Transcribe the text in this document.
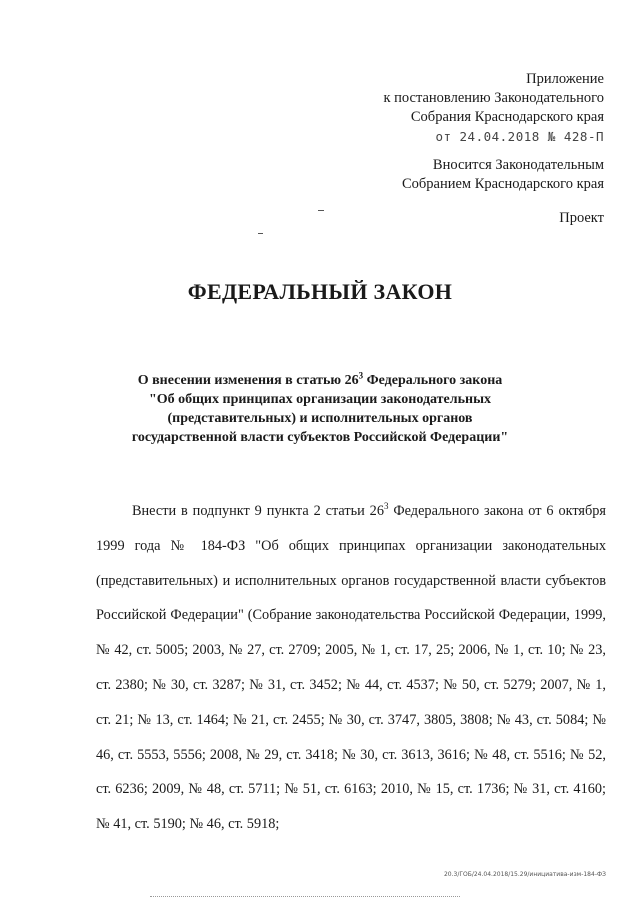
Приложение
к постановлению Законодательного
Собрания Краснодарского края
от 24.04.2018 № 428-П
Вносится Законодательным
Собранием Краснодарского края
Проект
ФЕДЕРАЛЬНЫЙ ЗАКОН
О внесении изменения в статью $26^3$ Федерального закона
"Об общих принципах организации законодательных
(представительных) и исполнительных органов
государственной власти субъектов Российской Федерации"

Внести в подпункт 9 пункта 2 статьи $26^3$ Федерального закона от 6 октября 1999 года № 184-ФЗ "Об общих принципах организации законодательных (представительных) и исполнительных органов государственной власти субъектов Российской Федерации" (Собрание законодательства Российской Федерации, 1999, № 42, ст. 5005; 2003, № 27, ст. 2709; 2005, № 1, ст. 17, 25; 2006, № 1, ст. 10; № 23, ст. 2380; № 30, ст. 3287; № 31, ст. 3452; № 44, ст. 4537; № 50, ст. 5279; 2007, № 1, ст. 21; № 13, ст. 1464; № 21, ст. 2455; № 30, ст. 3747, 3805, 3808; № 43, ст. 5084; № 46, ст. 5553, 5556; 2008, № 29, ст. 3418; № 30, ст. 3613, 3616; № 48, ст. 5516; № 52, ст. 6236; 2009, № 48, ст. 5711; № 51, ст. 6163; 2010, № 15, ст. 1736; № 31, ст. 4160; № 41, ст. 5190; № 46, ст. 5918;

20.3/ГОБ/24.04.2018/15.29/инициатива-изм-184-ФЗ
